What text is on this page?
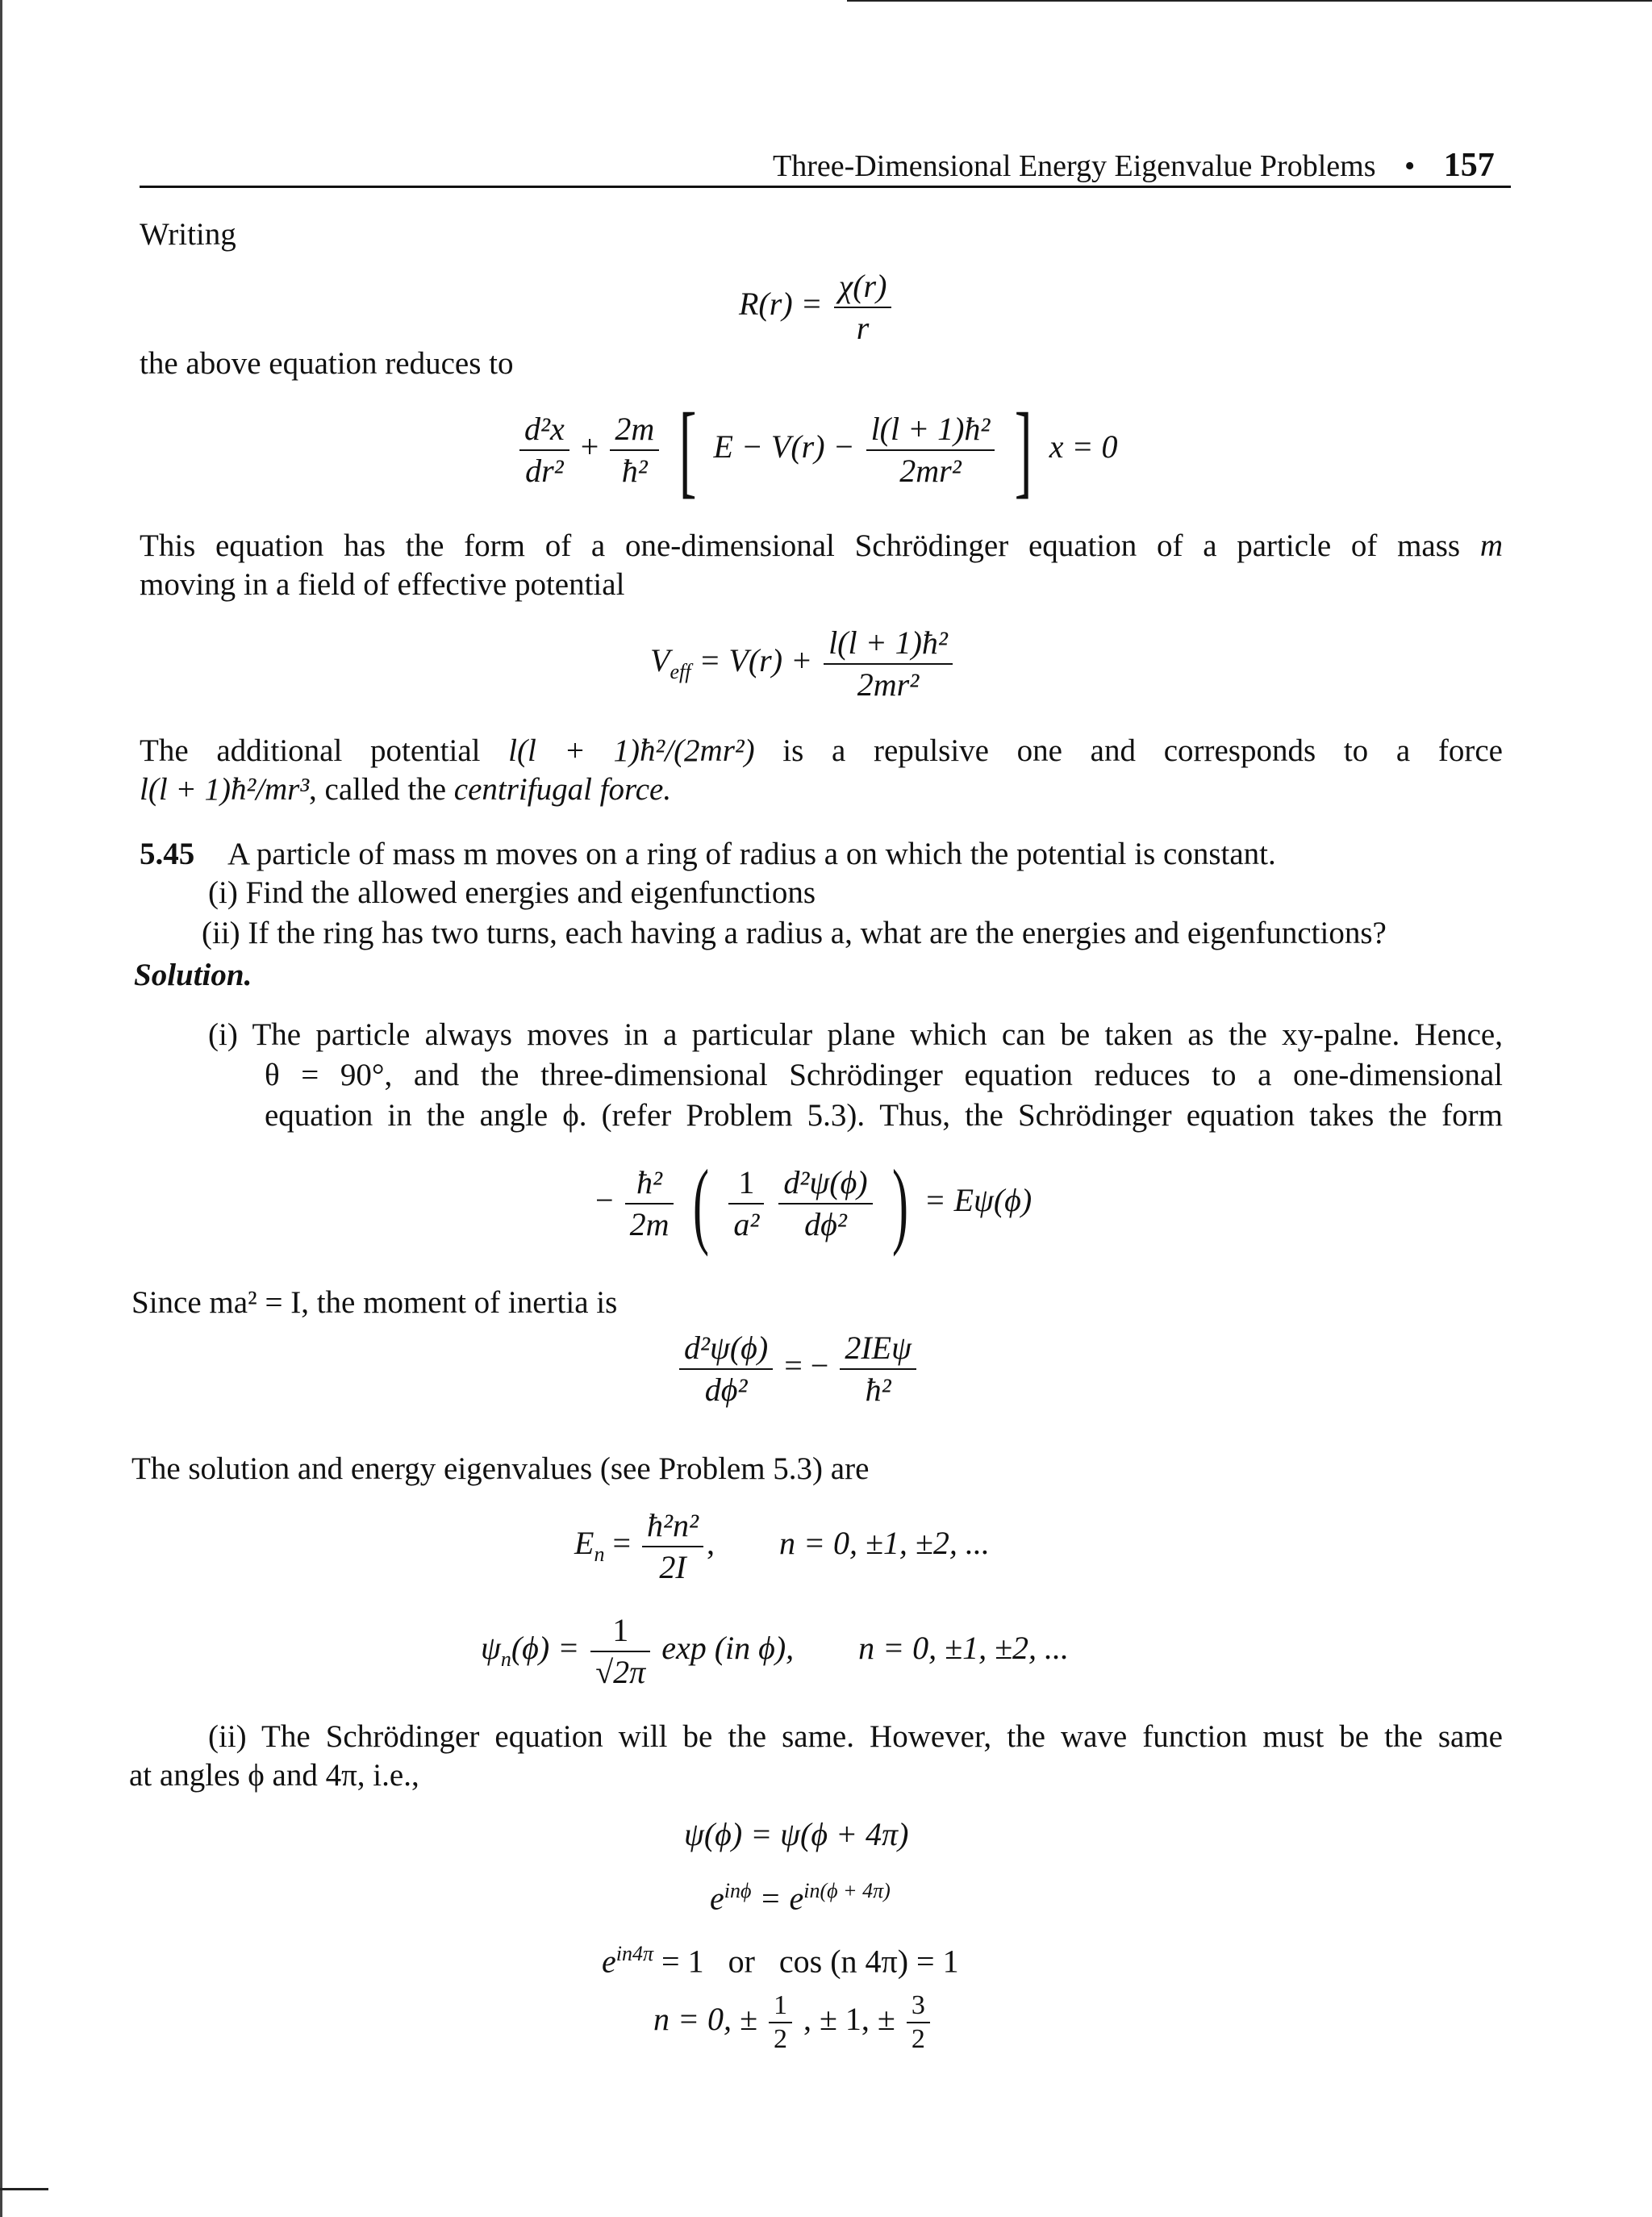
Three-Dimensional Energy Eigenvalue Problems • 157
Writing
$R(r) = \frac{\chi(r)}{r}$
the above equation reduces to
$\frac{\text{d²x}}{\text{dr²}} + \frac{2m}{\text{ħ²}}$ [ $E - V(r) - \frac{\text{l(l + 1)ħ²}}{\text{2mr²}}$ ] x = 0
This equation has the form of a one-dimensional Schrödinger equation of a particle of mass m
moving in a field of effective potential
$V_{eff} = V(r) + \frac{\text{l(l + 1)ħ²}}{\text{2mr²}}$
The additional potential l(l + 1)ħ²/(2mr²) is a repulsive one and corresponds to a force
l(l + 1)ħ²/mr³, called the centrifugal force.
5.45 A particle of mass m moves on a ring of radius a on which the potential is constant.
(i) Find the allowed energies and eigenfunctions
(ii) If the ring has two turns, each having a radius a, what are the energies and eigenfunctions?
Solution.
(i) The particle always moves in a particular plane which can be taken as the xy-palne. Hence,
θ = 90°, and the three-dimensional Schrödinger equation reduces to a one-dimensional
equation in the angle ϕ. (refer Problem 5.3). Thus, the Schrödinger equation takes the form
− $\frac{\text{ħ²}}{2m}$ ( $\frac{1}{\text{a²}}$
$\frac{\text{d²ψ(ϕ)}}{\text{dϕ²}}$ ) = Eψ(ϕ)
Since ma² = I, the moment of inertia is
$\frac{\text{d²ψ(ϕ)}}{\text{dϕ²}}$ = − $\frac{\text{2IEψ}}{\text{ħ²}}$
The solution and energy eigenvalues (see Problem 5.3) are
$E_n = \frac{\text{ħ²n²}}{2I}$ , n = 0, ±1, ±2, ...
$\psi_n(\phi) = \frac{1}{√2\pi}$ exp (in ϕ), n = 0, ±1, ±2, ...
(ii) The Schrödinger equation will be the same. However, the wave function must be the same
at angles ϕ and 4π, i.e.,
ψ(ϕ) = ψ(ϕ + 4π)
$e^{in\phi} = e^{in(\phi + 4\pi)}$
$e^{in4\pi} = 1$   or   cos (n 4π) = 1
n = 0, ± $\frac{1}{2}$ , ± 1, ± $\frac{3}{2}$
